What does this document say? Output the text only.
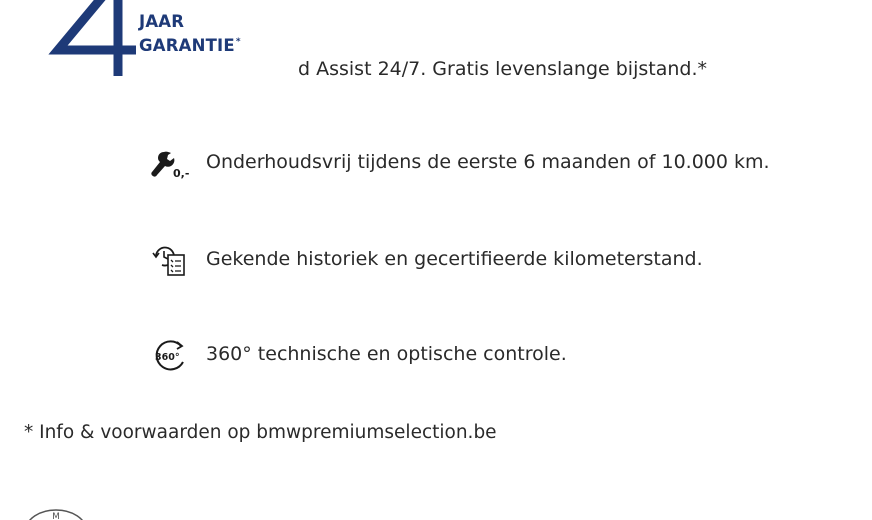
JAAR
GARANTIE*
d Assist 24/7. Gratis levenslange bijstand.*
0,-
Onderhoudsvrij tijdens de eerste 6 maanden of 10.000 km.
Gekende historiek en gecertifieerde kilometerstand.
360° 360° technische en optische controle.
* Info & voorwaarden op bmwpremiumselection.be
M
